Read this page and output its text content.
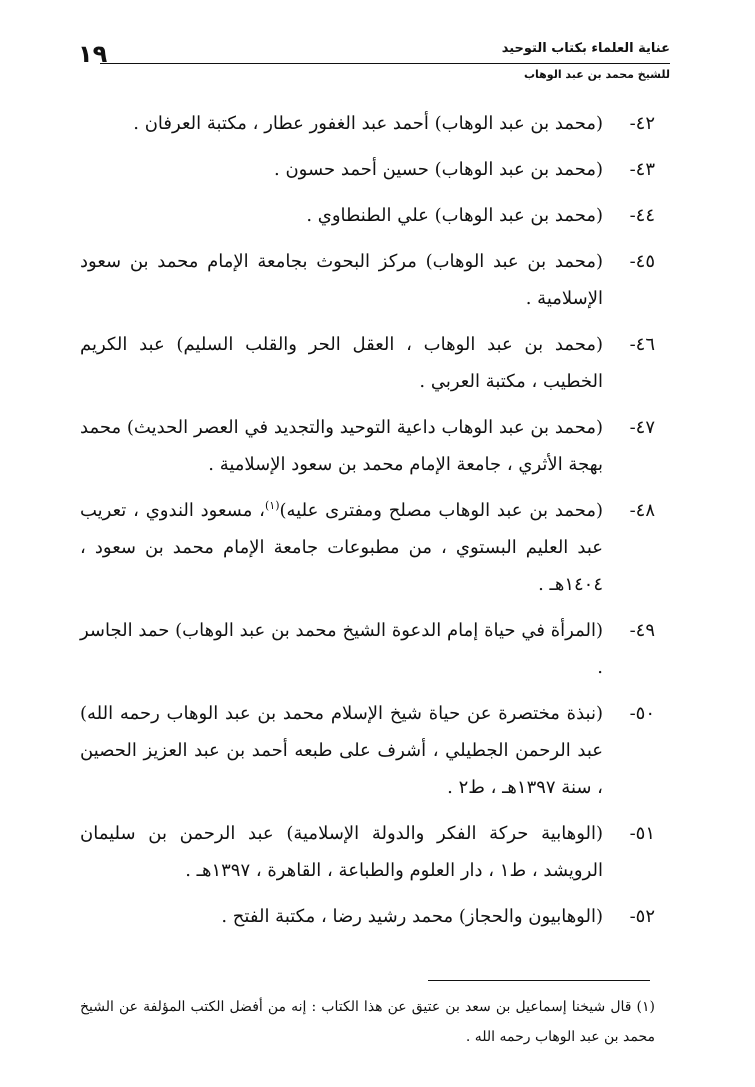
١٩	عناية العلماء بكتاب التوحيد
للشيخ محمد بن عبد الوهاب
٤٢-
(محمد بن عبد الوهاب) أحمد عبد الغفور عطار ، مكتبة العرفان .
٤٣-
(محمد بن عبد الوهاب) حسين أحمد حسون .
٤٤-
(محمد بن عبد الوهاب) علي الطنطاوي .
٤٥-
(محمد بن عبد الوهاب) مركز البحوث بجامعة الإمام محمد بن سعود الإسلامية .
٤٦-
(محمد بن عبد الوهاب ، العقل الحر والقلب السليم) عبد الكريم الخطيب ، مكتبة العربي .
٤٧-
(محمد بن عبد الوهاب داعية التوحيد والتجديد في العصر الحديث) محمد بهجة الأثري ، جامعة الإمام محمد بن سعود الإسلامية .
٤٨-
(محمد بن عبد الوهاب مصلح ومفترى عليه)$^{(١)}$، مسعود الندوي ، تعريب عبد العليم البستوي ، من مطبوعات جامعة الإمام محمد بن سعود ، ١٤٠٤هـ .
٤٩-
(المرأة في حياة إمام الدعوة الشيخ محمد بن عبد الوهاب) حمد الجاسر .
٥٠-
(نبذة مختصرة عن حياة شيخ الإسلام محمد بن عبد الوهاب رحمه الله) عبد الرحمن الجطيلي ، أشرف على طبعه أحمد بن عبد العزيز الحصين ، سنة ١٣٩٧هـ ، ط٢ .
٥١-
(الوهابية حركة الفكر والدولة الإسلامية) عبد الرحمن بن سليمان الرويشد ، ط١ ، دار العلوم والطباعة ، القاهرة ، ١٣٩٧هـ .
٥٢-
(الوهابيون والحجاز) محمد رشيد رضا ، مكتبة الفتح .
(١) قال شيخنا إسماعيل بن سعد بن عتيق عن هذا الكتاب : إنه من أفضل الكتب المؤلفة عن الشيخ محمد بن عبد الوهاب رحمه الله .
